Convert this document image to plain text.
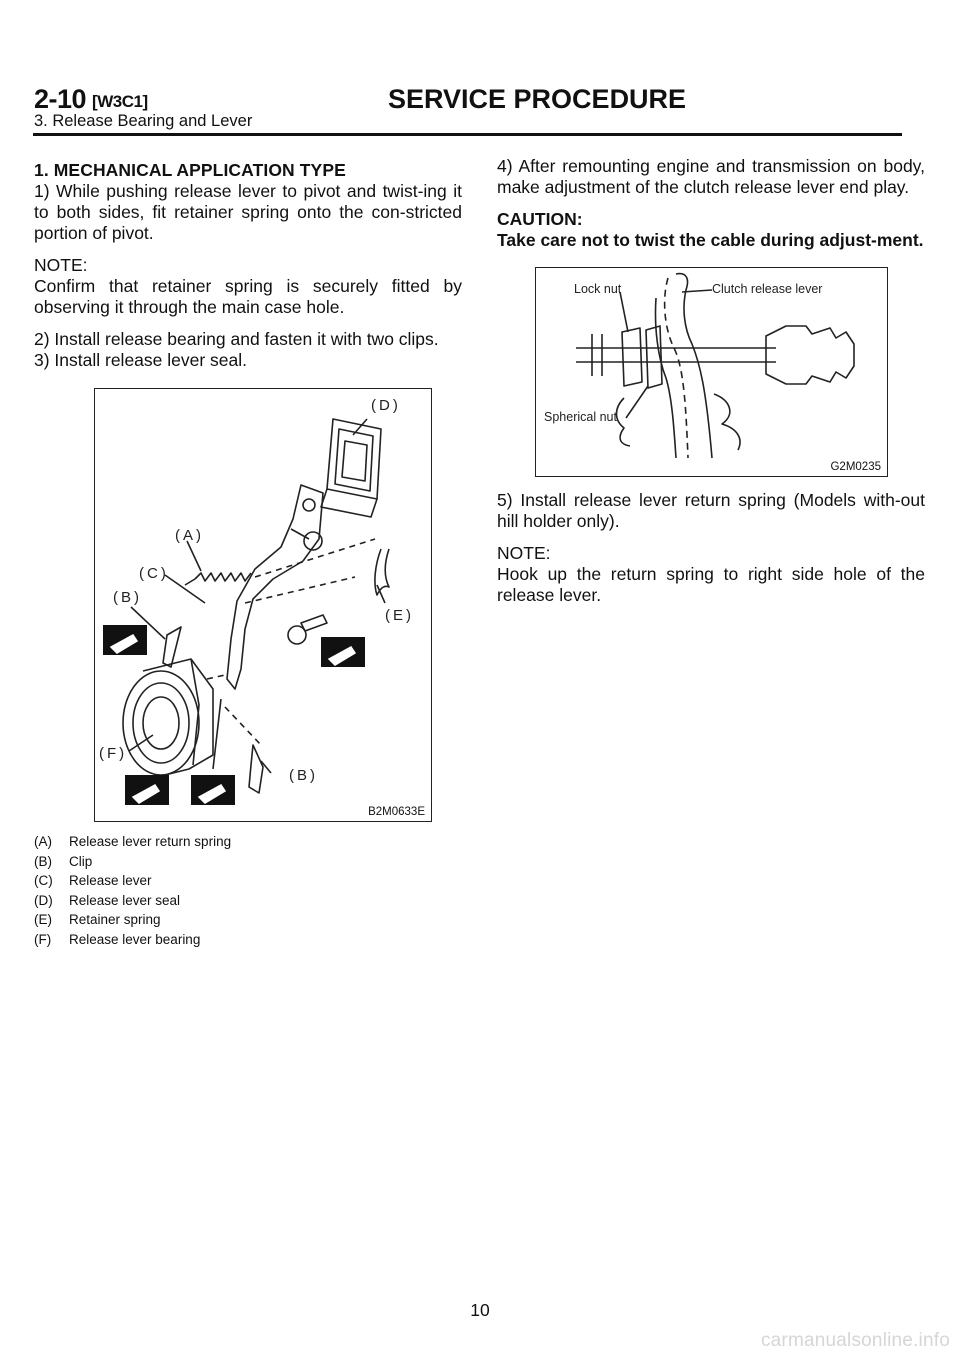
2-10 [W3C1]	SERVICE PROCEDURE
3. Release Bearing and Lever

1. MECHANICAL APPLICATION TYPE

1) While pushing release lever to pivot and twist-ing it to both sides, fit retainer spring onto the con-stricted portion of pivot.

NOTE:

Confirm that retainer spring is securely fitted by observing it through the main case hole.

2) Install release bearing and fasten it with two clips.

3) Install release lever seal.

(D)
(A)
(C)
(B)
(E)
(F)
(B)
B2M0633E
(A)	Release lever return spring
(B)	Clip
(C)	Release lever
(D)	Release lever seal
(E)	Retainer spring
(F)	Release lever bearing

4) After remounting engine and transmission on body, make adjustment of the clutch release lever end play.

CAUTION:

Take care not to twist the cable during adjust-ment.

Lock nut	Clutch release lever
Spherical nut
G2M0235

5) Install release lever return spring (Models with-out hill holder only).

NOTE:

Hook up the return spring to right side hole of the release lever.

10
carmanualsonline.info
